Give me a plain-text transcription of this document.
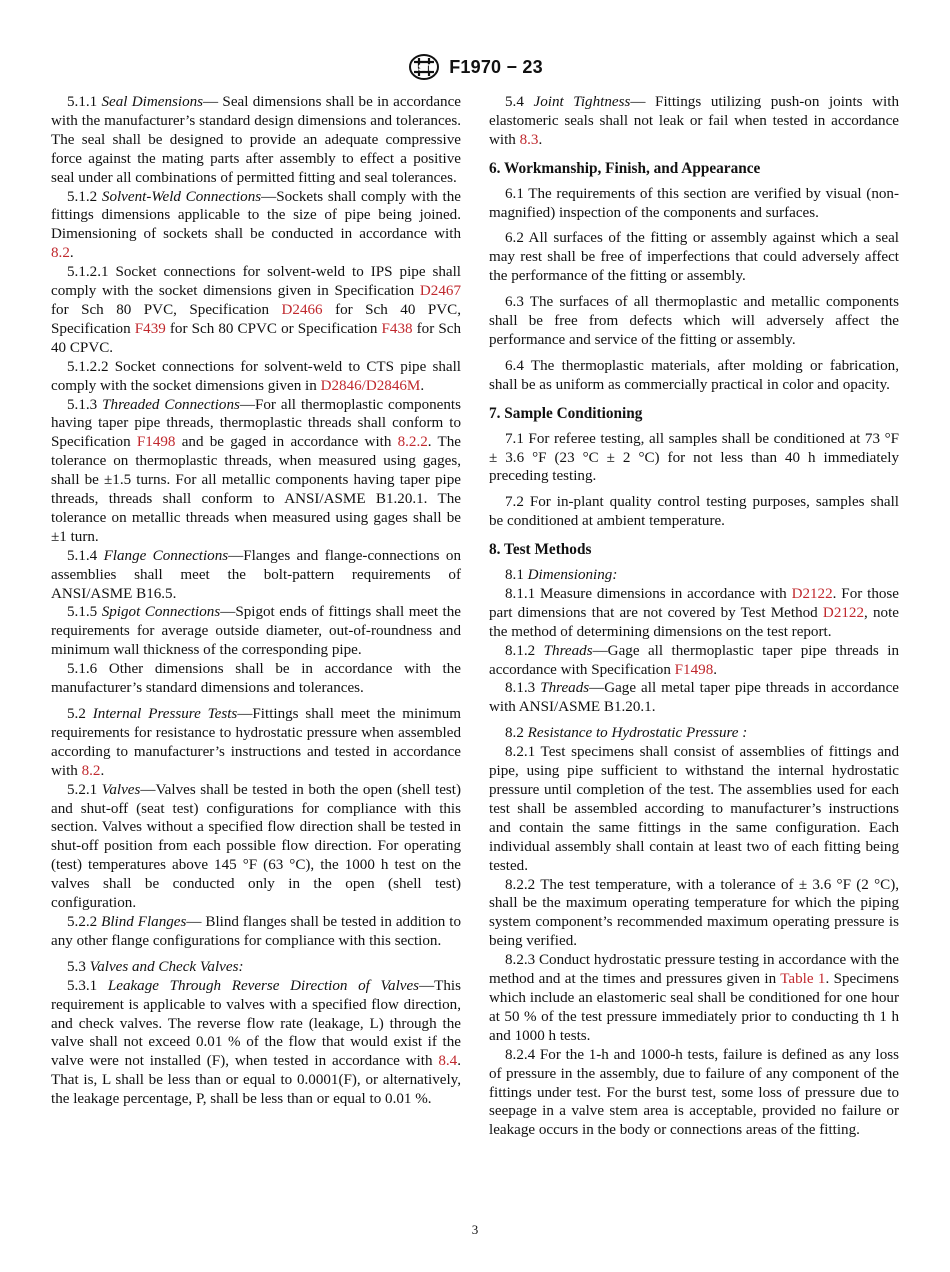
ASTM F1970 − 23

5.1.1 Seal Dimensions— Seal dimensions shall be in accordance with the manufacturer’s standard design dimensions and tolerances. The seal shall be designed to provide an adequate compressive force against the mating parts after assembly to effect a positive seal under all combinations of permitted fitting and seal tolerances.

5.1.2 Solvent-Weld Connections—Sockets shall comply with the fittings dimensions applicable to the size of pipe being joined. Dimensioning of sockets shall be conducted in accordance with 8.2.

5.1.2.1 Socket connections for solvent-weld to IPS pipe shall comply with the socket dimensions given in Specification D2467 for Sch 80 PVC, Specification D2466 for Sch 40 PVC, Specification F439 for Sch 80 CPVC or Specification F438 for Sch 40 CPVC.

5.1.2.2 Socket connections for solvent-weld to CTS pipe shall comply with the socket dimensions given in D2846/D2846M.

5.1.3 Threaded Connections—For all thermoplastic components having taper pipe threads, thermoplastic threads shall conform to Specification F1498 and be gaged in accordance with 8.2.2. The tolerance on thermoplastic threads, when measured using gages, shall be ±1.5 turns. For all metallic components having taper pipe threads, threads shall conform to ANSI/ASME B1.20.1. The tolerance on metallic threads when measured using gages shall be ±1 turn.

5.1.4 Flange Connections—Flanges and flange-connections on assemblies shall meet the bolt-pattern requirements of ANSI/ASME B16.5.

5.1.5 Spigot Connections—Spigot ends of fittings shall meet the requirements for average outside diameter, out-of-roundness and minimum wall thickness of the corresponding pipe.

5.1.6 Other dimensions shall be in accordance with the manufacturer’s standard dimensions and tolerances.

5.2 Internal Pressure Tests—Fittings shall meet the minimum requirements for resistance to hydrostatic pressure when assembled according to manufacturer’s instructions and tested in accordance with 8.2.

5.2.1 Valves—Valves shall be tested in both the open (shell test) and shut-off (seat test) configurations for compliance with this section. Valves without a specified flow direction shall be tested in shut-off position from each possible flow direction. For operating (test) temperatures above 145 °F (63 °C), the 1000 h test on the valves shall be conducted only in the open (shell test) configuration.

5.2.2 Blind Flanges— Blind flanges shall be tested in addition to any other flange configurations for compliance with this section.

5.3 Valves and Check Valves:

5.3.1 Leakage Through Reverse Direction of Valves—This requirement is applicable to valves with a specified flow direction, and check valves. The reverse flow rate (leakage, L) through the valve shall not exceed 0.01 % of the flow that would exist if the valve were not installed (F), when tested in accordance with 8.4. That is, L shall be less than or equal to 0.0001(F), or alternatively, the leakage percentage, P, shall be less than or equal to 0.01 %.

5.4 Joint Tightness— Fittings utilizing push-on joints with elastomeric seals shall not leak or fail when tested in accordance with 8.3.

6. Workmanship, Finish, and Appearance

6.1 The requirements of this section are verified by visual (non-magnified) inspection of the components and surfaces.

6.2 All surfaces of the fitting or assembly against which a seal may rest shall be free of imperfections that could adversely affect the performance of the fitting or assembly.

6.3 The surfaces of all thermoplastic and metallic components shall be free from defects which will adversely affect the performance and service of the fitting or assembly.

6.4 The thermoplastic materials, after molding or fabrication, shall be as uniform as commercially practical in color and opacity.

7. Sample Conditioning

7.1 For referee testing, all samples shall be conditioned at 73 °F ± 3.6 °F (23 °C ± 2 °C) for not less than 40 h immediately preceding testing.

7.2 For in-plant quality control testing purposes, samples shall be conditioned at ambient temperature.

8. Test Methods

8.1 Dimensioning:

8.1.1 Measure dimensions in accordance with D2122. For those part dimensions that are not covered by Test Method D2122, note the method of determining dimensions on the test report.

8.1.2 Threads—Gage all thermoplastic taper pipe threads in accordance with Specification F1498.

8.1.3 Threads—Gage all metal taper pipe threads in accordance with ANSI/ASME B1.20.1.

8.2 Resistance to Hydrostatic Pressure :

8.2.1 Test specimens shall consist of assemblies of fittings and pipe, using pipe sufficient to withstand the internal hydrostatic pressure until completion of the test. The assemblies used for each test shall be assembled according to manufacturer’s instructions and contain the same fittings in the same configuration. Each individual assembly shall contain at least two of each fitting being tested.

8.2.2 The test temperature, with a tolerance of ± 3.6 °F (2 °C), shall be the maximum operating temperature for which the piping system component’s recommended maximum operating pressure is being verified.

8.2.3 Conduct hydrostatic pressure testing in accordance with the method and at the times and pressures given in Table 1. Specimens which include an elastomeric seal shall be conditioned for one hour at 50 % of the test pressure immediately prior to conducting th 1 h and 1000 h tests.

8.2.4 For the 1-h and 1000-h tests, failure is defined as any loss of pressure in the assembly, due to failure of any component of the fittings under test. For the burst test, some loss of pressure due to seepage in a valve stem area is acceptable, provided no failure or leakage occurs in the body or connections areas of the fitting.

3
